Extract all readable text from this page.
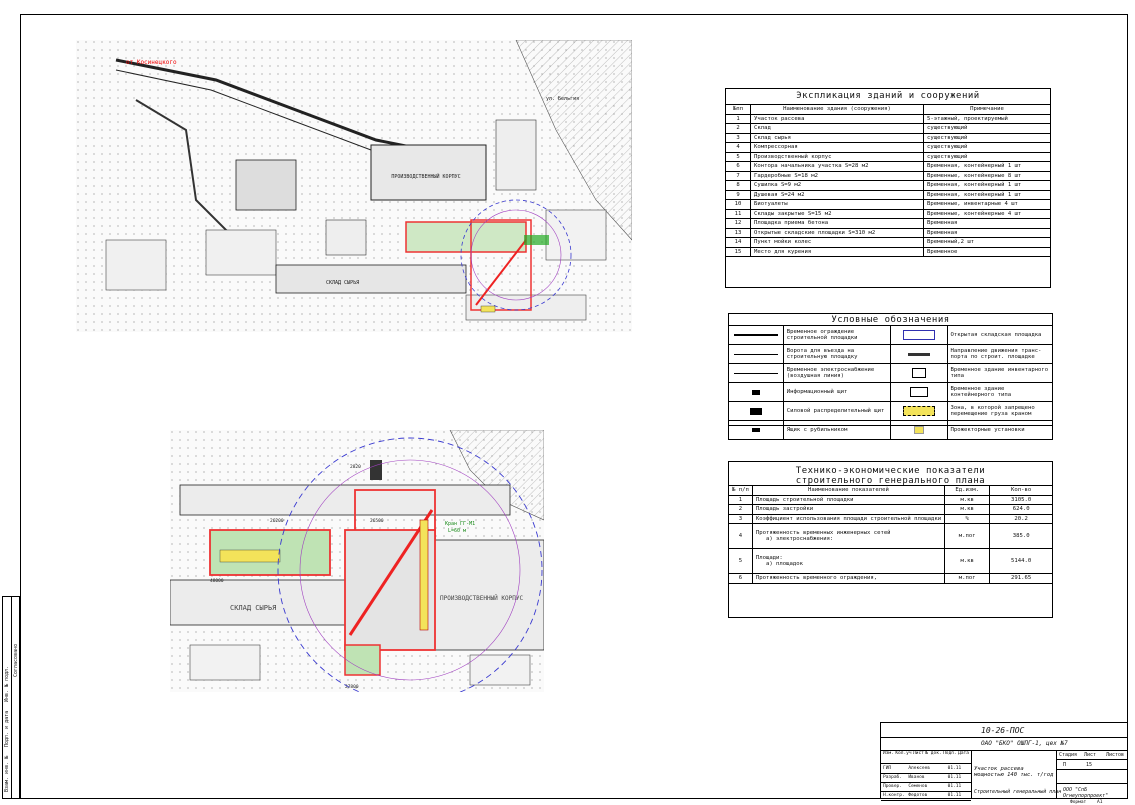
Взам. инв. №
Подп. и дата
Инв. № подл.
Согласовано
ПРОИЗВОДСТВЕННЫЙ КОРПУС
СКЛАД СЫРЬЯ
от Косинецкого
ул. Бельгия
СКЛАД СЫРЬЯ
ПРОИЗВОДСТВЕННЫЙ КОРПУС
Кран ГГ-М1
L=60 м
2820
26200	26500
48000
27800
Экспликация зданий и сооружений
№пп	Наименование здания (сооружения)	Примечание
1	Участок рассева	5-этажный, проектируемый
2	Склад	существующий
3	Склад сырья	существующий
4	Компрессорная	существующий
5	Производственный корпус	существующий
6	Контора начальника участка S=28 м2	Временная, контейнерный 1 шт
7	Гардеробные S=18 м2	Временные, контейнерные 8 шт
8	Сушилка S=9 м2	Временная, контейнерный 1 шт
9	Душевая S=24 м2	Временная, контейнерный 1 шт
10	Биотуалеты	Временные, инвентарные 4 шт
11	Склады закрытые S=15 м2	Временные, контейнерные 4 шт
12	Площадка приема бетона	Временная
13	Открытые складские площадки S=310 м2	Временная
14	Пункт мойки колес	Временный,2 шт
15	Место для курения	Временное
Условные обозначения
	Временное ограждение строительной площадки		Открытая складская площадка

	Ворота для въезда на строительную площадку		Направление движения транс-порта по строит. площадке

	Временное электроснабжение (воздушная линия)		Временное здание инвентарного типа

	Информационный щит		Временное здание контейнерного типа

	Силовой распределительный щит		Зона, в которой запрещено перемещение груза краном

	Ящик с рубильником		Прожекторные установки
Технико-экономические показатели
строительного генерального плана
№ п/п	Наименование показателей	Ед.изм.	Кол-во
1	Площадь строительной площадки	м.кв	3105.0
2	Площадь застройки	м.кв	624.0
3	Коэффициент использования площади строительной площадки	%	20.2
4	Протяженность временных инженерных сетей
а) электроснабжения:	м.пог	385.0
5	Площади:
а) площадок	м.кв	5144.0
6	Протяженность временного ограждения,	м.пог	291.65
10-26-ПОС
ОАО "БКО" ОШПГ-1, цех №7
Участок рассева мощностью 140 тыс. т/год
Строительный генеральный план
Стадия Лист Листов
П	15
ООО "СпБ Огнеупорпроект"
Изм. Кол.уч Лист № док. Подп. Дата
ГИП	Алексеев	01.11
Разраб.	Иванов	01.11
Провер.	Семенов	01.11
Н.контр. Федотов	01.11
Формат А1
